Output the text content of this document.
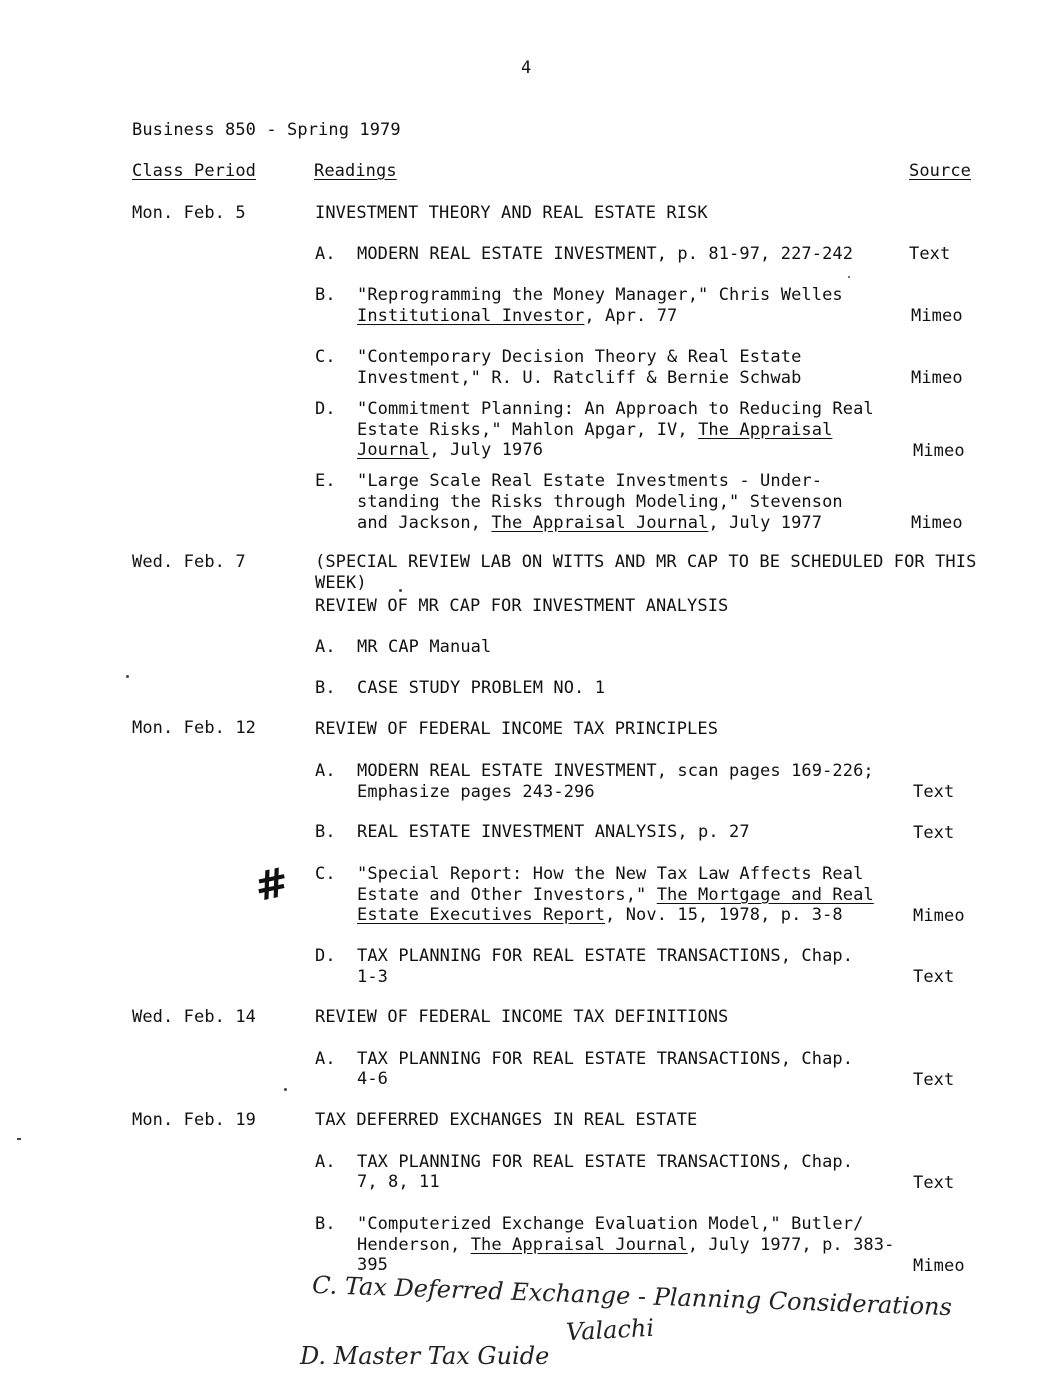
4
Business 850 - Spring 1979
Class Period	Readings	Source
Mon. Feb. 5	INVESTMENT THEORY AND REAL ESTATE RISK
A. MODERN REAL ESTATE INVESTMENT, p. 81-97, 227-242	Text
B. "Reprogramming the Money Manager," Chris Welles
Institutional Investor, Apr. 77	Mimeo
C. "Contemporary Decision Theory & Real Estate
Investment," R. U. Ratcliff & Bernie Schwab	Mimeo
D. "Commitment Planning: An Approach to Reducing Real
Estate Risks," Mahlon Apgar, IV, The Appraisal
Journal, July 1976	Mimeo
E. "Large Scale Real Estate Investments - Under-
standing the Risks through Modeling," Stevenson
and Jackson, The Appraisal Journal, July 1977	Mimeo
Wed. Feb. 7	(SPECIAL REVIEW LAB ON WITTS AND MR CAP TO BE SCHEDULED FOR THIS
WEEK)
REVIEW OF MR CAP FOR INVESTMENT ANALYSIS
A. MR CAP Manual
B. CASE STUDY PROBLEM NO. 1
Mon. Feb. 12	REVIEW OF FEDERAL INCOME TAX PRINCIPLES
A. MODERN REAL ESTATE INVESTMENT, scan pages 169-226;
Emphasize pages 243-296	Text
B. REAL ESTATE INVESTMENT ANALYSIS, p. 27	Text
# C. "Special Report: How the New Tax Law Affects Real
Estate and Other Investors," The Mortgage and Real
Estate Executives Report, Nov. 15, 1978, p. 3-8	Mimeo
D. TAX PLANNING FOR REAL ESTATE TRANSACTIONS, Chap.
1-3	Text
Wed. Feb. 14	REVIEW OF FEDERAL INCOME TAX DEFINITIONS
A. TAX PLANNING FOR REAL ESTATE TRANSACTIONS, Chap.
4-6	Text
Mon. Feb. 19	TAX DEFERRED EXCHANGES IN REAL ESTATE
A. TAX PLANNING FOR REAL ESTATE TRANSACTIONS, Chap.
7, 8, 11	Text
B. "Computerized Exchange Evaluation Model," Butler/
Henderson, The Appraisal Journal, July 1977, p. 383-
395	Mimeo
C. Tax Deferred Exchange - Planning Considerations
Valachi
D. Master Tax Guide
